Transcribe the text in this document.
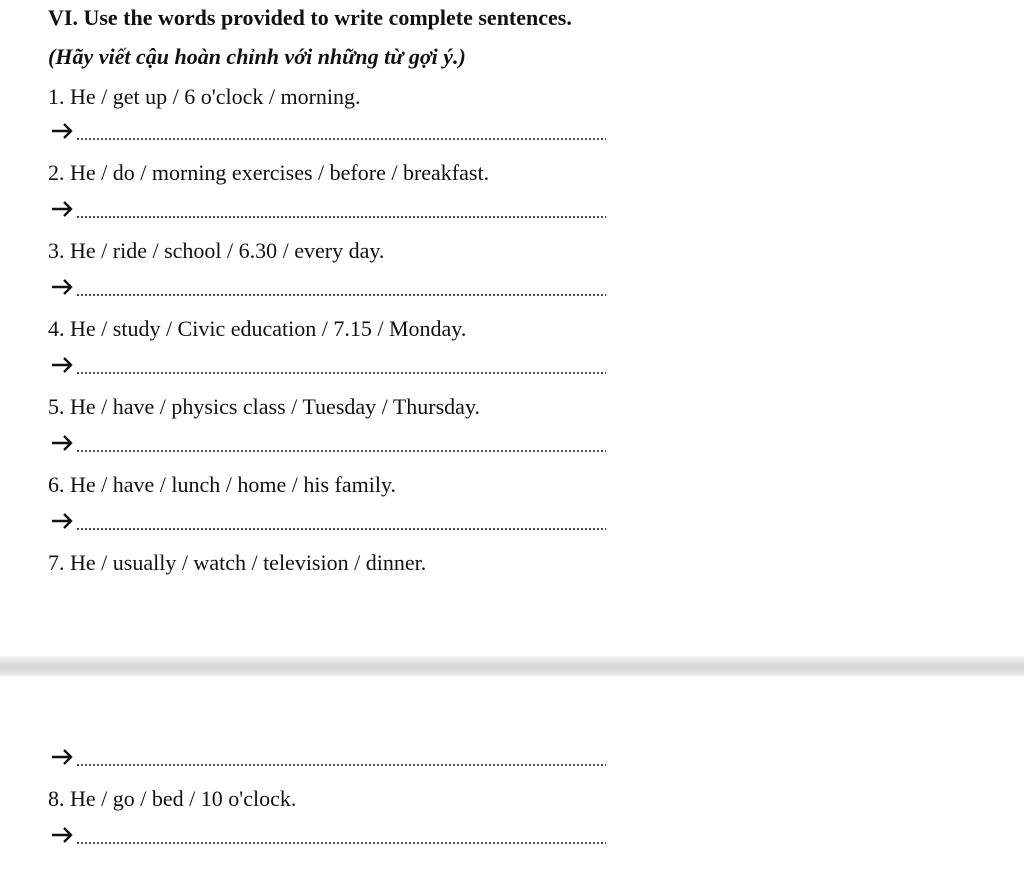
VI. Use the words provided to write complete sentences.
(Hãy viết cậu hoàn chỉnh với những từ gợi ý.)
1. He / get up / 6 o'clock / morning.
2. He / do / morning exercises / before / breakfast.
3. He / ride / school / 6.30 / every day.
4. He / study / Civic education / 7.15 / Monday.
5. He / have / physics class / Tuesday / Thursday.
6. He / have / lunch / home / his family.
7. He / usually / watch / television / dinner.
8. He / go / bed / 10 o'clock.
